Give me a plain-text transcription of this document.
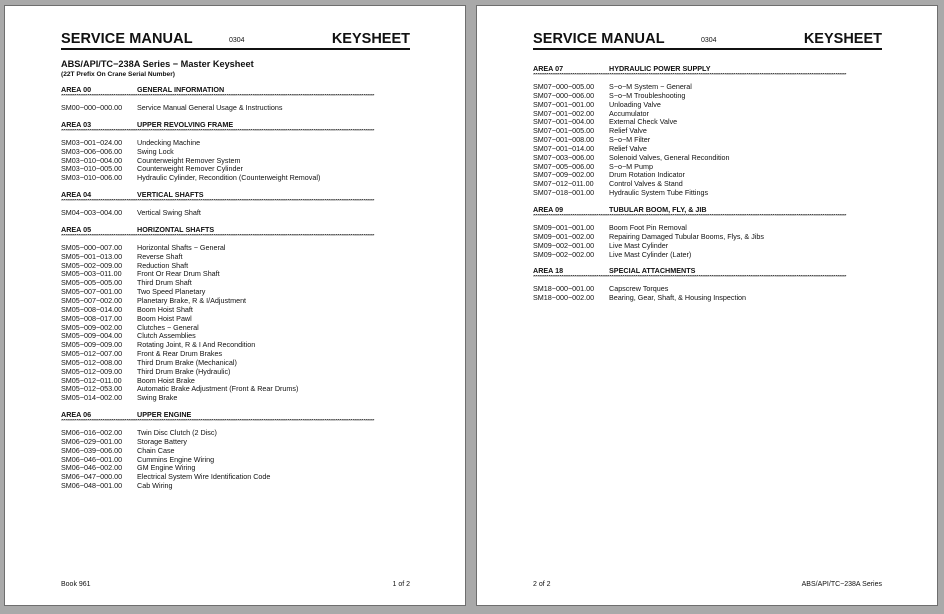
SERVICE MANUAL	0304	KEYSHEET
ABS/API/TC−238A Series − Master Keysheet
(22T Prefix On Crane Serial Number)
AREA 00	GENERAL INFORMATION
************************************************************************************************************************************************
SM00−000−000.00	Service Manual General Usage & Instructions
AREA 03	UPPER REVOLVING FRAME
************************************************************************************************************************************************
SM03−001−024.00	Undecking Machine
SM03−006−006.00	Swing Lock
SM03−010−004.00	Counterweight Remover System
SM03−010−005.00	Counterweight Remover Cylinder
SM03−010−006.00	Hydraulic Cylinder, Recondition (Counterweight Removal)
AREA 04	VERTICAL SHAFTS
************************************************************************************************************************************************
SM04−003−004.00	Vertical Swing Shaft
AREA 05	HORIZONTAL SHAFTS
************************************************************************************************************************************************
SM05−000−007.00	Horizontal Shafts − General
SM05−001−013.00	Reverse Shaft
SM05−002−009.00	Reduction Shaft
SM05−003−011.00	Front Or Rear Drum Shaft
SM05−005−005.00	Third Drum Shaft
SM05−007−001.00	Two Speed Planetary
SM05−007−002.00	Planetary Brake, R & I/Adjustment
SM05−008−014.00	Boom Hoist Shaft
SM05−008−017.00	Boom Hoist Pawl
SM05−009−002.00	Clutches − General
SM05−009−004.00	Clutch Assemblies
SM05−009−009.00	Rotating Joint, R & I And Recondition
SM05−012−007.00	Front & Rear Drum Brakes
SM05−012−008.00	Third Drum Brake (Mechanical)
SM05−012−009.00	Third Drum Brake (Hydraulic)
SM05−012−011.00	Boom Hoist Brake
SM05−012−053.00	Automatic Brake Adjustment (Front & Rear Drums)
SM05−014−002.00	Swing Brake
AREA 06	UPPER ENGINE
************************************************************************************************************************************************
SM06−016−002.00	Twin Disc Clutch (2 Disc)
SM06−029−001.00	Storage Battery
SM06−039−006.00	Chain Case
SM06−046−001.00	Cummins Engine Wiring
SM06−046−002.00	GM Engine Wiring
SM06−047−000.00	Electrical System Wire Identification Code
SM06−048−001.00	Cab Wiring
Book 961	1 of 2
SERVICE MANUAL	0304	KEYSHEET
AREA 07	HYDRAULIC POWER SUPPLY
************************************************************************************************************************************************
SM07−000−005.00	S−o−M System − General
SM07−000−006.00	S−o−M Troubleshooting
SM07−001−001.00	Unloading Valve
SM07−001−002.00	Accumulator
SM07−001−004.00	External Check Valve
SM07−001−005.00	Relief Valve
SM07−001−008.00	S−o−M Filter
SM07−001−014.00	Relief Valve
SM07−003−006.00	Solenoid Valves, General Recondition
SM07−005−006.00	S−o−M Pump
SM07−009−002.00	Drum Rotation Indicator
SM07−012−011.00	Control Valves & Stand
SM07−018−001.00	Hydraulic System Tube Fittings
AREA 09	TUBULAR BOOM, FLY, & JIB
************************************************************************************************************************************************
SM09−001−001.00	Boom Foot Pin Removal
SM09−001−002.00	Repairing Damaged Tubular Booms, Flys, & Jibs
SM09−002−001.00	Live Mast Cylinder
SM09−002−002.00	Live Mast Cylinder (Later)
AREA 18	SPECIAL ATTACHMENTS
************************************************************************************************************************************************
SM18−000−001.00	Capscrew Torques
SM18−000−002.00	Bearing, Gear, Shaft, & Housing Inspection
2 of 2	ABS/API/TC−238A Series
